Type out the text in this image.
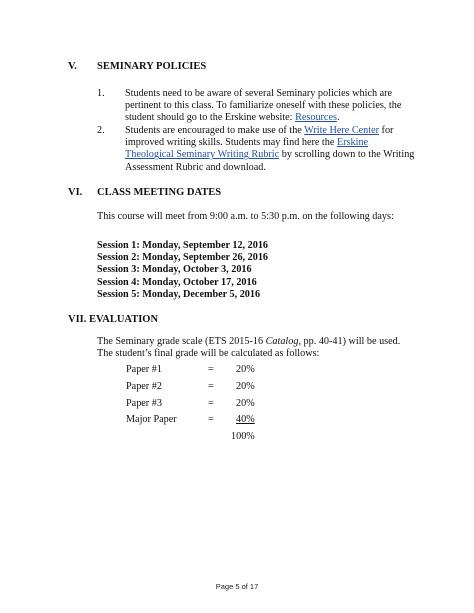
V. SEMINARY POLICIES
1. Students need to be aware of several Seminary policies which are pertinent to this class. To familiarize oneself with these policies, the student should go to the Erskine website: Resources.
2. Students are encouraged to make use of the Write Here Center for improved writing skills. Students may find here the Erskine Theological Seminary Writing Rubric by scrolling down to the Writing Assessment Rubric and download.
VI. CLASS MEETING DATES
This course will meet from 9:00 a.m. to 5:30 p.m. on the following days:
Session 1: Monday, September 12, 2016
Session 2: Monday, September 26, 2016
Session 3: Monday, October 3, 2016
Session 4: Monday, October 17, 2016
Session 5: Monday, December 5, 2016
VII. EVALUATION
The Seminary grade scale (ETS 2015-16 Catalog, pp. 40-41) will be used. The student’s final grade will be calculated as follows:
Paper #1	= 20%
Paper #2	= 20%
Paper #3	= 20%
Major Paper	= 40%
100%
Page 5 of 17
